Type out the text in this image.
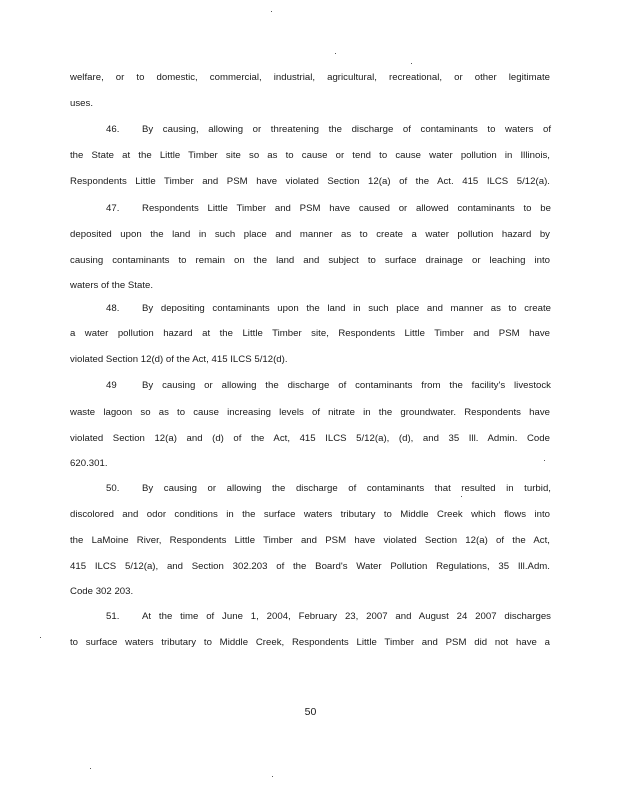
welfare, or to domestic, commercial, industrial, agricultural, recreational, or other legitimate
uses.
46. By causing, allowing or threatening the discharge of contaminants to waters of
the State at the Little Timber site so as to cause or tend to cause water pollution in Illinois,
Respondents Little Timber and PSM have violated Section 12(a) of the Act. 415 ILCS 5/12(a).
47. Respondents Little Timber and PSM have caused or allowed contaminants to be
deposited upon the land in such place and manner as to create a water pollution hazard by
causing contaminants to remain on the land and subject to surface drainage or leaching into
waters of the State.
48. By depositing contaminants upon the land in such place and manner as to create
a water pollution hazard at the Little Timber site, Respondents Little Timber and PSM have
violated Section 12(d) of the Act, 415 ILCS 5/12(d).
49	By causing or allowing the discharge of contaminants from the facility's livestock
waste lagoon so as to cause increasing levels of nitrate in the groundwater. Respondents have
violated Section 12(a) and (d) of the Act, 415 ILCS 5/12(a), (d), and 35 Ill. Admin. Code
620.301.
50. By causing or allowing the discharge of contaminants that resulted in turbid,
discolored and odor conditions in the surface waters tributary to Middle Creek which flows into
the LaMoine River, Respondents Little Timber and PSM have violated Section 12(a) of the Act,
415 ILCS 5/12(a), and Section 302.203 of the Board's Water Pollution Regulations, 35 Ill.Adm.
Code 302 203.
51. At the time of June 1, 2004, February 23, 2007 and August 24 2007 discharges
to surface waters tributary to Middle Creek, Respondents Little Timber and PSM did not have a
50
